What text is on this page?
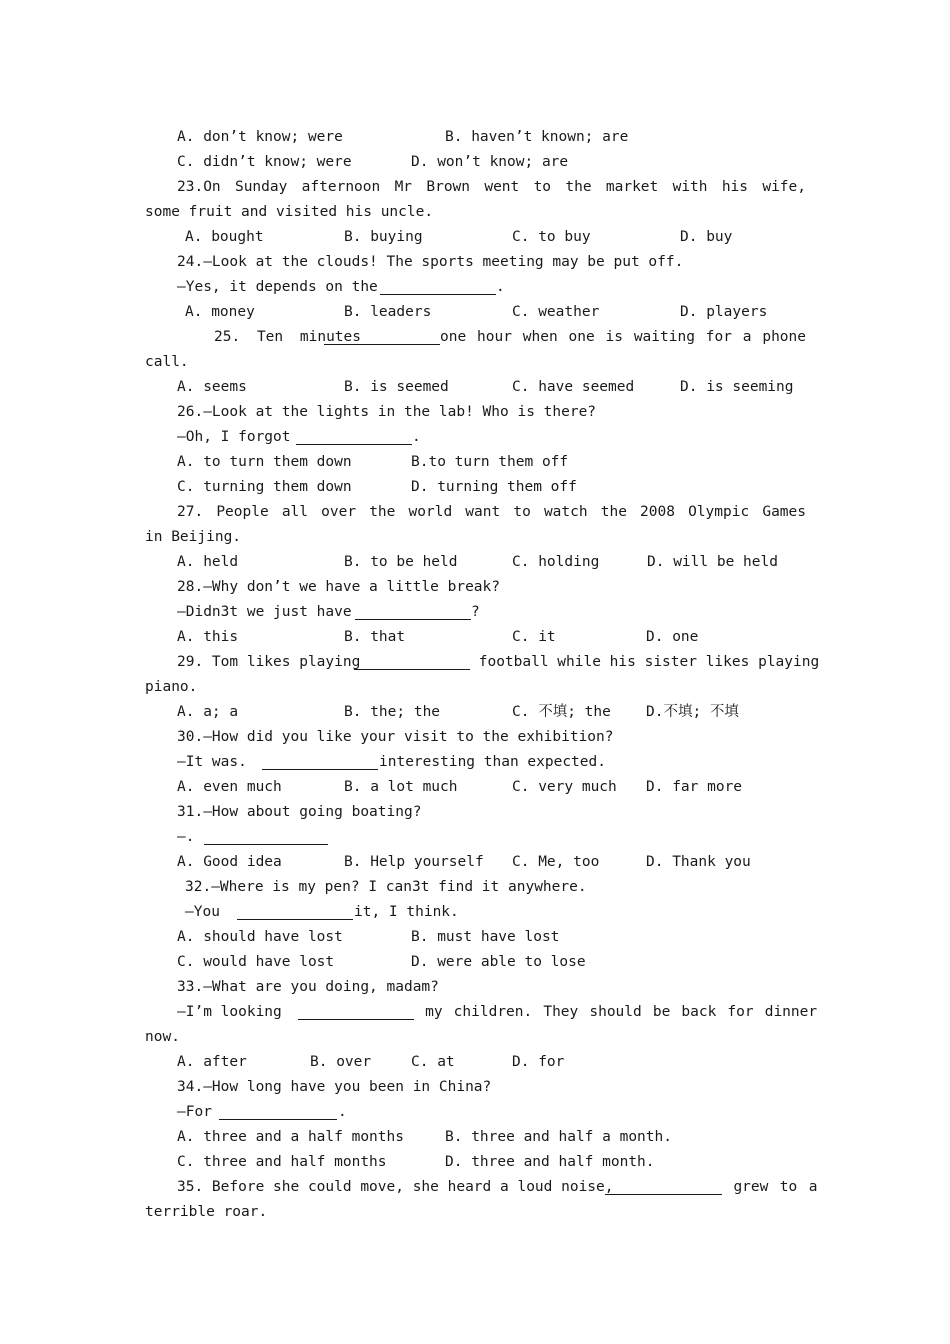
A. don’t know; were	B. haven’t known; are
C. didn’t know; were	D. won’t know; are
23.On Sunday afternoon Mr Brown went to the market with his wife,
some fruit and visited his uncle.
A. bought	B. buying	C. to buy	D. buy
24.—Look at the clouds! The sports meeting may be put off.
—Yes, it depends on the	.
A. money	B. leaders	C. weather	D. players
25. Ten minutes	one hour when one is waiting for a phone
call.
A. seems	B. is seemed	C. have seemed	D. is seeming
26.—Look at the lights in the lab! Who is there?
—Oh, I forgot	.
A. to turn them down	B.to turn them off
C. turning them down	D. turning them off
27. People all over the world want to watch the 2008 Olympic Games
in Beijing.
A. held	B. to be held	C. holding	D. will be held
28.—Why don’t we have a little break?
—Didn3t we just have	?
A. this	B. that	C. it	D. one
29. Tom likes playing	football while his sister likes playing
piano.
A. a; a	B. the; the	C. 不填; the D.不填; 不填
30.—How did you like your visit to the exhibition?
—It was.	interesting than expected.
A. even much	B. a lot much	C. very much D. far more
31.—How about going boating?
—.
A. Good idea	B. Help yourself C. Me, too	D. Thank you
32.—Where is my pen? I can3t find it anywhere.
—You	it, I think.
A. should have lost	B. must have lost
C. would have lost	D. were able to lose
33.—What are you doing, madam?
—I’m looking	my children. They should be back for dinner
now.
A. after	B. over	C. at	D. for
34.—How long have you been in China?
—For	.
A. three and a half months	B. three and half a month.
C. three and half months	D. three and half month.
35. Before she could move, she heard a loud noise,	grew to a
terrible roar.
